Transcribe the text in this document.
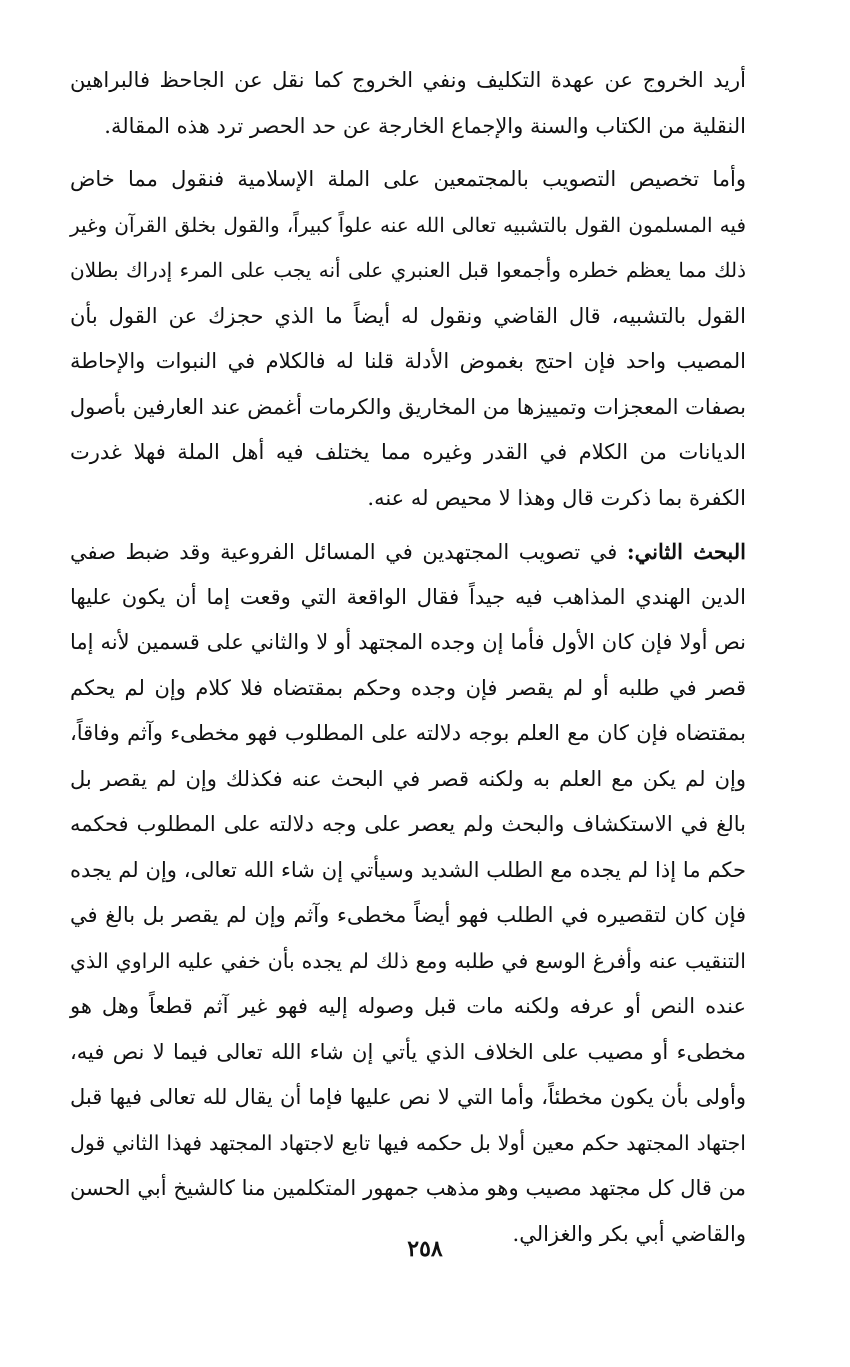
أريد الخروج عن عهدة التكليف ونفي الخروج كما نقل عن الجاحظ فالبراهين
النقلية من الكتاب والسنة والإجماع الخارجة عن حد الحصر ترد هذه المقالة.
وأما تخصيص التصويب بالمجتمعين على الملة الإسلامية فنقول مما خاض
فيه المسلمون القول بالتشبيه تعالى الله عنه علواً كبيراً، والقول بخلق القرآن وغير
ذلك مما يعظم خطره وأجمعوا قبل العنبري على أنه يجب على المرء إدراك بطلان
القول بالتشبيه، قال القاضي ونقول له أيضاً ما الذي حجزك عن القول بأن
المصيب واحد فإن احتج بغموض الأدلة قلنا له فالكلام في النبوات والإحاطة
بصفات المعجزات وتمييزها من المخاريق والكرمات أغمض عند العارفين بأصول
الديانات من الكلام في القدر وغيره مما يختلف فيه أهل الملة فهلا غدرت
الكفرة بما ذكرت قال وهذا لا محيص له عنه.
البحث الثاني: في تصويب المجتهدين في المسائل الفروعية وقد ضبط صفي
الدين الهندي المذاهب فيه جيداً فقال الواقعة التي وقعت إما أن يكون عليها
نص أولا فإن كان الأول فأما إن وجده المجتهد أو لا والثاني على قسمين لأنه إما
قصر في طلبه أو لم يقصر فإن وجده وحكم بمقتضاه فلا كلام وإن لم يحكم
بمقتضاه فإن كان مع العلم بوجه دلالته على المطلوب فهو مخطىء وآثم وفاقاً،
وإن لم يكن مع العلم به ولكنه قصر في البحث عنه فكذلك وإن لم يقصر بل
بالغ في الاستكشاف والبحث ولم يعصر على وجه دلالته على المطلوب فحكمه
حكم ما إذا لم يجده مع الطلب الشديد وسيأتي إن شاء الله تعالى، وإن لم يجده
فإن كان لتقصيره في الطلب فهو أيضاً مخطىء وآثم وإن لم يقصر بل بالغ في
التنقيب عنه وأفرغ الوسع في طلبه ومع ذلك لم يجده بأن خفي عليه الراوي الذي
عنده النص أو عرفه ولكنه مات قبل وصوله إليه فهو غير آثم قطعاً وهل هو
مخطىء أو مصيب على الخلاف الذي يأتي إن شاء الله تعالى فيما لا نص فيه،
وأولى بأن يكون مخطئاً، وأما التي لا نص عليها فإما أن يقال لله تعالى فيها قبل
اجتهاد المجتهد حكم معين أولا بل حكمه فيها تابع لاجتهاد المجتهد فهذا الثاني قول
من قال كل مجتهد مصيب وهو مذهب جمهور المتكلمين منا كالشيخ أبي الحسن
والقاضي أبي بكر والغزالي.
٢٥٨
